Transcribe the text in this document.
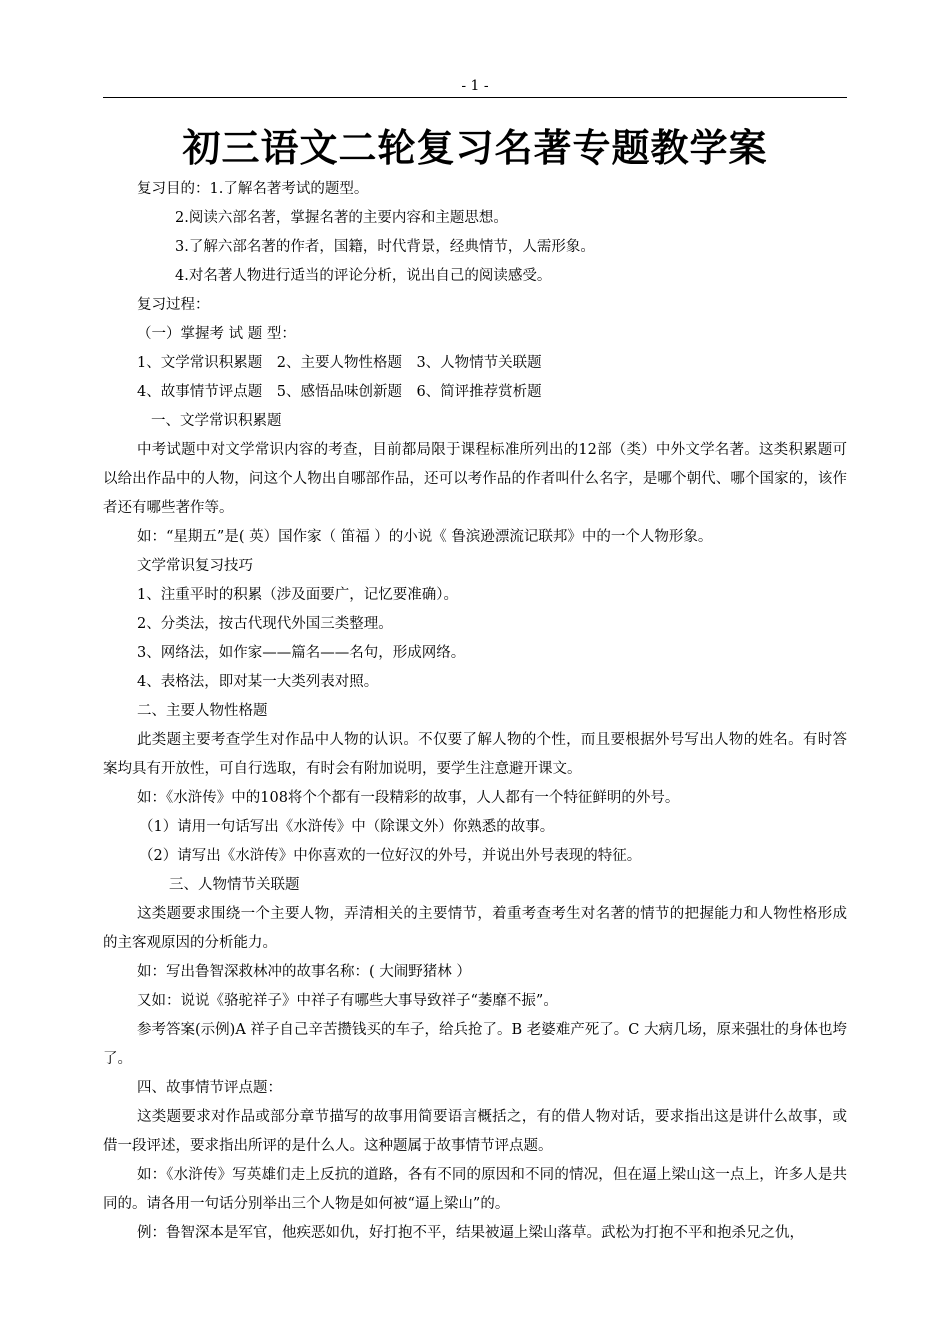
- 1 -
初三语文二轮复习名著专题教学案

复习目的：1.了解名著考试的题型。

2.阅读六部名著，掌握名著的主要内容和主题思想。

3.了解六部名著的作者，国籍，时代背景，经典情节，人需形象。

4.对名著人物进行适当的评论分析，说出自己的阅读感受。

复习过程：

（一）掌握考 试 题 型：

1、文学常识积累题　2、主要人物性格题　3、人物情节关联题

4、故事情节评点题　5、感悟品味创新题　6、简评推荐赏析题

一、文学常识积累题

中考试题中对文学常识内容的考查，目前都局限于课程标准所列出的12部（类）中外文学名著。这类积累题可以给出作品中的人物，问这个人物出自哪部作品，还可以考作品的作者叫什么名字，是哪个朝代、哪个国家的，该作者还有哪些著作等。

如：“星期五”是( 英）国作家（ 笛福 ）的小说《 鲁滨逊漂流记联邦》中的一个人物形象。

文学常识复习技巧

1、注重平时的积累（涉及面要广，记忆要准确）。

2、分类法，按古代现代外国三类整理。

3、网络法，如作家——篇名——名句，形成网络。

4、表格法，即对某一大类列表对照。

二、主要人物性格题

此类题主要考查学生对作品中人物的认识。不仅要了解人物的个性，而且要根据外号写出人物的姓名。有时答案均具有开放性，可自行选取，有时会有附加说明，要学生注意避开课文。

如：《水浒传》中的108将个个都有一段精彩的故事，人人都有一个特征鲜明的外号。

（1）请用一句话写出《水浒传》中（除课文外）你熟悉的故事。

（2）请写出《水浒传》中你喜欢的一位好汉的外号，并说出外号表现的特征。

三、人物情节关联题

这类题要求围绕一个主要人物，弄清相关的主要情节，着重考查考生对名著的情节的把握能力和人物性格形成的主客观原因的分析能力。

如：写出鲁智深救林冲的故事名称：( 大闹野猪林 ）

又如：说说《骆驼祥子》中祥子有哪些大事导致祥子“萎靡不振”。

参考答案(示例)A 祥子自己辛苦攒钱买的车子，给兵抢了。B 老婆难产死了。C 大病几场，原来强壮的身体也垮了。

四、故事情节评点题：

这类题要求对作品或部分章节描写的故事用简要语言概括之，有的借人物对话，要求指出这是讲什么故事，或借一段评述，要求指出所评的是什么人。这种题属于故事情节评点题。

如：《水浒传》写英雄们走上反抗的道路，各有不同的原因和不同的情况，但在逼上梁山这一点上，许多人是共同的。请各用一句话分别举出三个人物是如何被“逼上梁山”的。

例：鲁智深本是军官，他疾恶如仇，好打抱不平，结果被逼上梁山落草。武松为打抱不平和抱杀兄之仇，
